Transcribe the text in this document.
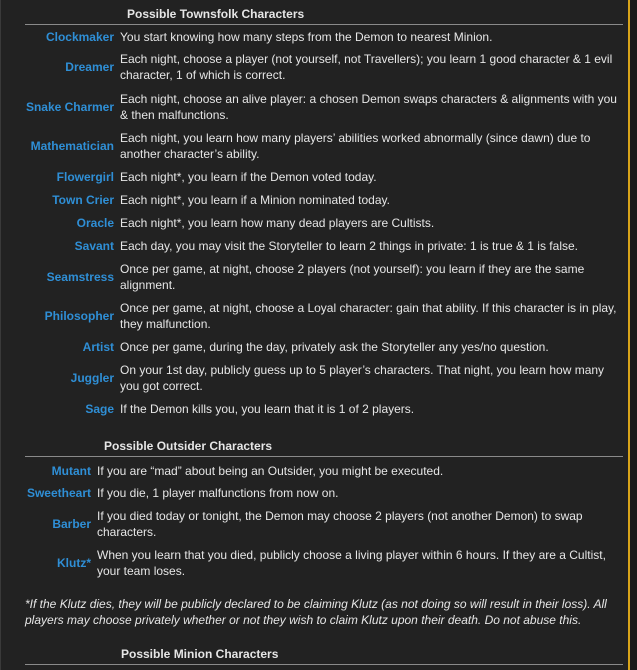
Possible Townsfolk Characters
Clockmaker	You start knowing how many steps from the Demon to nearest Minion.
Dreamer	Each night, choose a player (not yourself, not Travellers); you learn 1 good character & 1 evil character, 1 of which is correct.
Snake Charmer	Each night, choose an alive player: a chosen Demon swaps characters & alignments with you & then malfunctions.
Mathematician	Each night, you learn how many players’ abilities worked abnormally (since dawn) due to another character’s ability.
Flowergirl	Each night*, you learn if the Demon voted today.
Town Crier	Each night*, you learn if a Minion nominated today.
Oracle	Each night*, you learn how many dead players are Cultists.
Savant	Each day, you may visit the Storyteller to learn 2 things in private: 1 is true & 1 is false.
Seamstress	Once per game, at night, choose 2 players (not yourself): you learn if they are the same alignment.
Philosopher	Once per game, at night, choose a Loyal character: gain that ability. If this character is in play, they malfunction.
Artist	Once per game, during the day, privately ask the Storyteller any yes/no question.
Juggler	On your 1st day, publicly guess up to 5 player’s characters. That night, you learn how many you got correct.
Sage	If the Demon kills you, you learn that it is 1 of 2 players.
Possible Outsider Characters
Mutant	If you are “mad” about being an Outsider, you might be executed.
Sweetheart	If you die, 1 player malfunctions from now on.
Barber	If you died today or tonight, the Demon may choose 2 players (not another Demon) to swap characters.
Klutz*	When you learn that you died, publicly choose a living player within 6 hours. If they are a Cultist, your team loses.
*If the Klutz dies, they will be publicly declared to be claiming Klutz (as not doing so will result in their loss). All players may choose privately whether or not they wish to claim Klutz upon their death. Do not abuse this.
Possible Minion Characters
